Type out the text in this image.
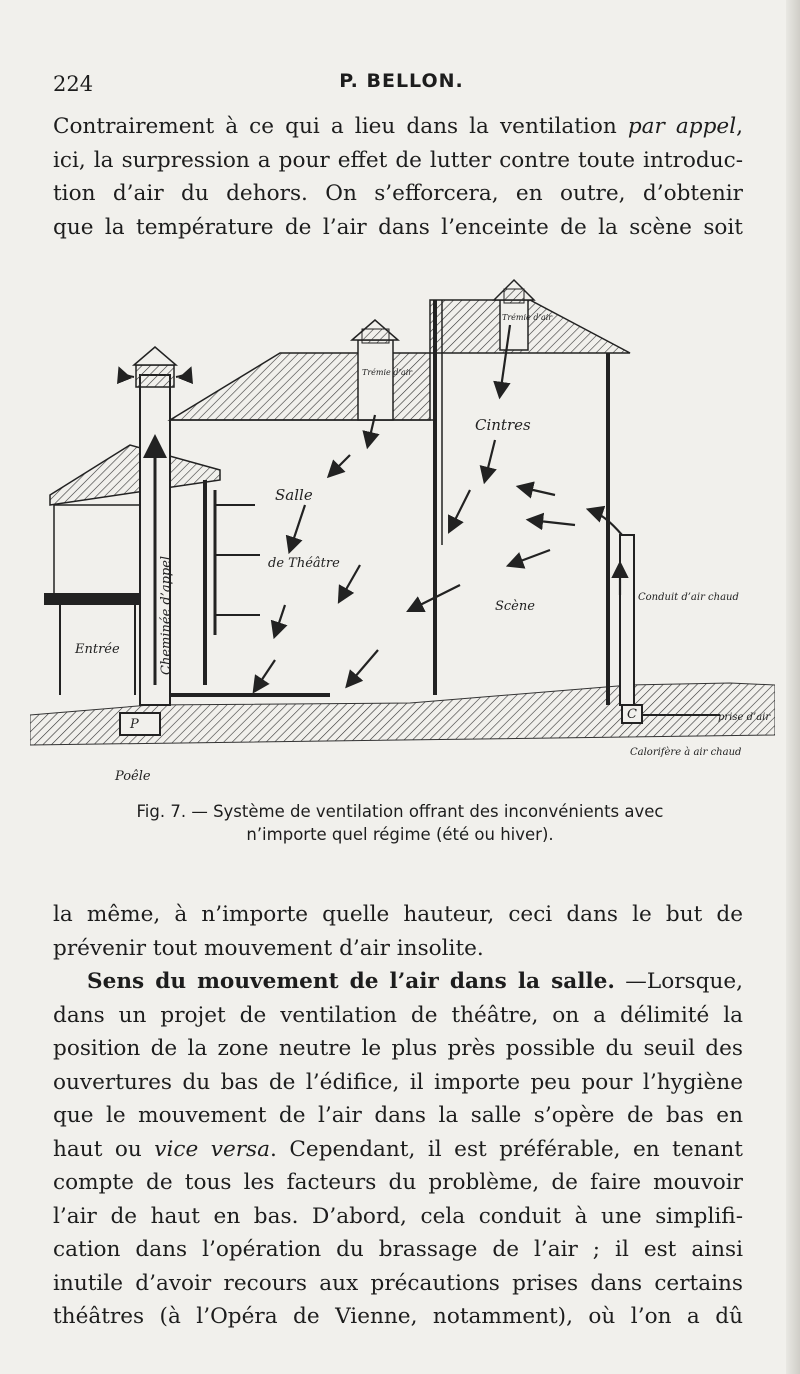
224	P. BELLON.
Contrairement à ce qui a lieu dans la ventilation par appel,
ici, la surpression a pour effet de lutter contre toute introduc-
tion d’air du dehors. On s’efforcera, en outre, d’obtenir
que la température de l’air dans l’enceinte de la scène soit
Salle
de Théâtre
Cintres
Scène
Entrée	Cheminée d’appel
Trémie d’air
Trémie d’air
Conduit d’air chaud
prise d’air
Calorifère à air chaud
Poêle
P
C
Fig. 7. — Système de ventilation offrant des inconvénients avec
n’importe quel régime (été ou hiver).
la même, à n’importe quelle hauteur, ceci dans le but de
prévenir tout mouvement d’air insolite.
Sens du mouvement de l’air dans la salle. —Lorsque,
dans un projet de ventilation de théâtre, on a délimité la
position de la zone neutre le plus près possible du seuil des
ouvertures du bas de l’édifice, il importe peu pour l’hygiène
que le mouvement de l’air dans la salle s’opère de bas en
haut ou vice versa. Cependant, il est préférable, en tenant
compte de tous les facteurs du problème, de faire mouvoir
l’air de haut en bas. D’abord, cela conduit à une simplifi-
cation dans l’opération du brassage de l’air ; il est ainsi
inutile d’avoir recours aux précautions prises dans certains
théâtres (à l’Opéra de Vienne, notamment), où l’on a dû
